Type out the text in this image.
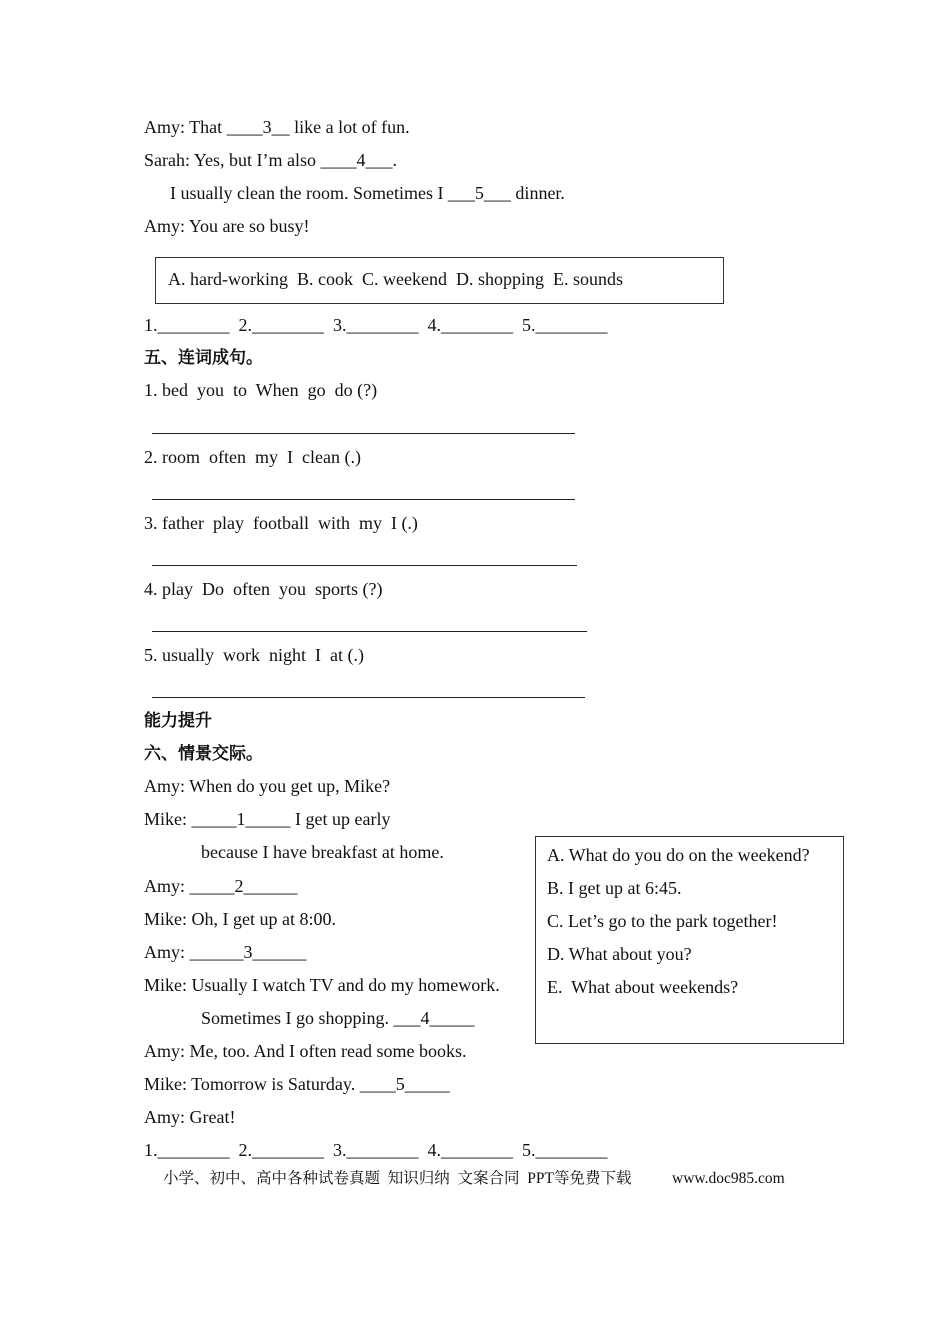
Amy: That ____3__ like a lot of fun.
Sarah: Yes, but I’m also ____4___.
I usually clean the room. Sometimes I ___5___ dinner.
Amy: You are so busy!
A. hard-working  B. cook  C. weekend  D. shopping  E. sounds
1.________  2.________  3.________  4.________  5.________
五、连词成句。
1. bed  you  to  When  go  do (?)
2. room  often  my  I  clean (.)
3. father  play  football  with  my  I (.)
4. play  Do  often  you  sports (?)
5. usually  work  night  I  at (.)
能力提升
六、情景交际。
Amy: When do you get up, Mike?
Mike: _____1_____ I get up early
because I have breakfast at home.
Amy: _____2______
Mike: Oh, I get up at 8:00.
Amy: ______3______
Mike: Usually I watch TV and do my homework.
Sometimes I go shopping. ___4_____
Amy: Me, too. And I often read some books.
Mike: Tomorrow is Saturday. ____5_____
Amy: Great!
A. What do you do on the weekend?
B. I get up at 6:45.
C. Let’s go to the park together!
D. What about you?
E.  What about weekends?
1.________  2.________  3.________  4.________  5.________
小学、初中、高中各种试卷真题  知识归纳  文案合同  PPT等免费下载	www.doc985.com
